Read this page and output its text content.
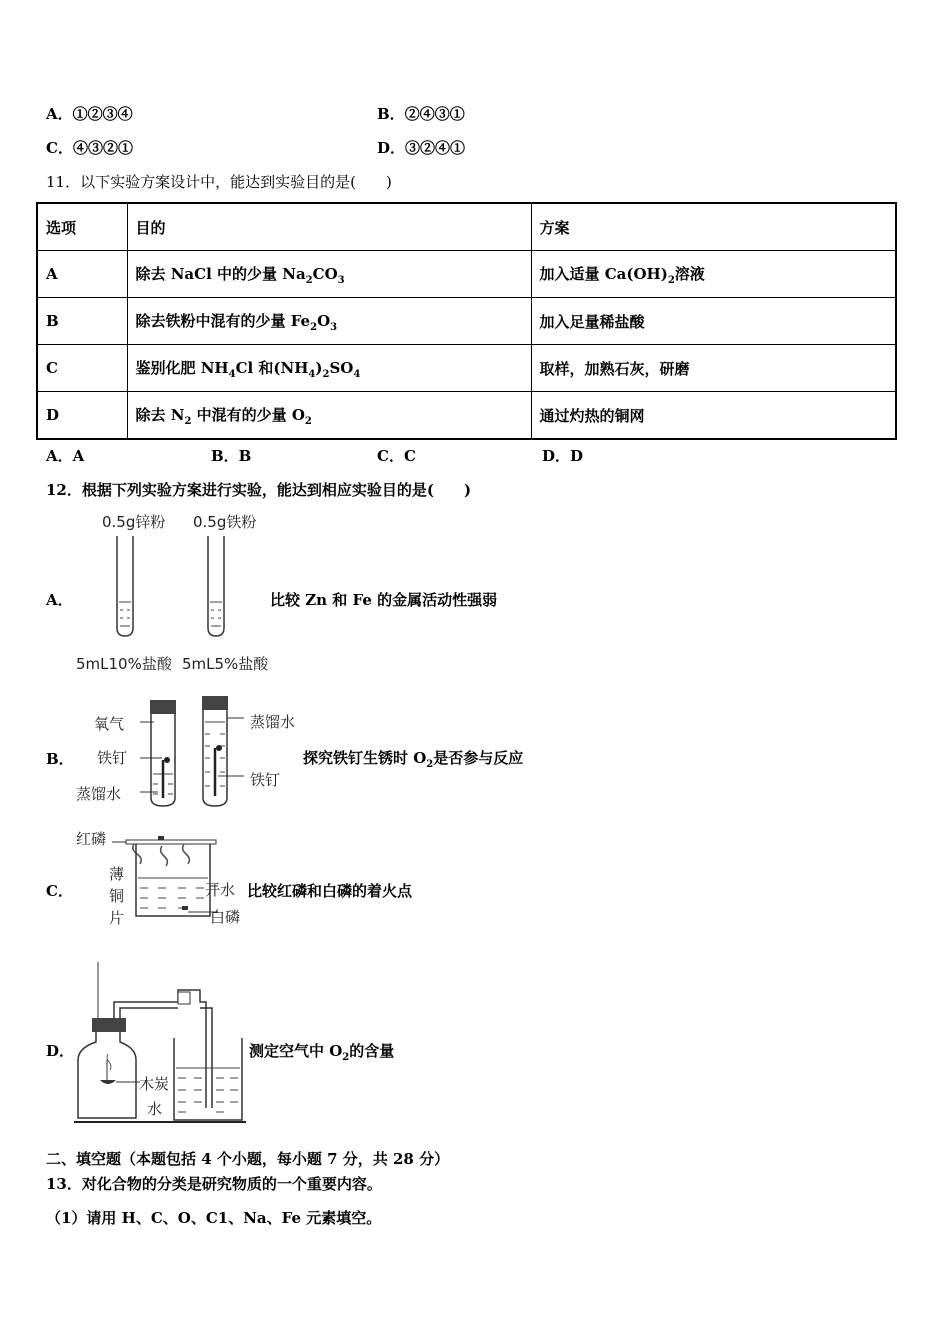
A．①②③④	B．②④③①
C．④③②①	D．③②④①
11．以下实验方案设计中，能达到实验目的是(　　)
选项	目的	方案
A	除去 NaCl 中的少量 $Na_2CO_3$	加入适量 $Ca(OH)_2$溶液
B	除去铁粉中混有的少量 $Fe_2O_3$	加入足量稀盐酸
C	鉴别化肥 $NH_4Cl$ 和$(NH_4)_2SO_4$	取样，加熟石灰，研磨
D	除去 $N_2$ 中混有的少量 $O_2$	通过灼热的铜网
A．A	B．B	C．C	D．D
12．根据下列实验方案进行实验，能达到相应实验目的是(　　)
A．
0.5g锌粉 0.5g铁粉
5mL10%盐酸 5mL5%盐酸
比较 Zn 和 Fe 的金属活动性强弱
B．
氧气
铁钉
蒸馏水
蒸馏水
铁钉
探究铁钉生锈时 $O_2$是否参与反应
C．
红磷
薄
铜
片
开水
白磷
比较红磷和白磷的着火点
D．
木炭
水
测定空气中 $O_2$的含量
二、填空题（本题包括 4 个小题，每小题 7 分，共 28 分）
13．对化合物的分类是研究物质的一个重要内容。
（1）请用 H、C、O、C1、Na、Fe 元素填空。
